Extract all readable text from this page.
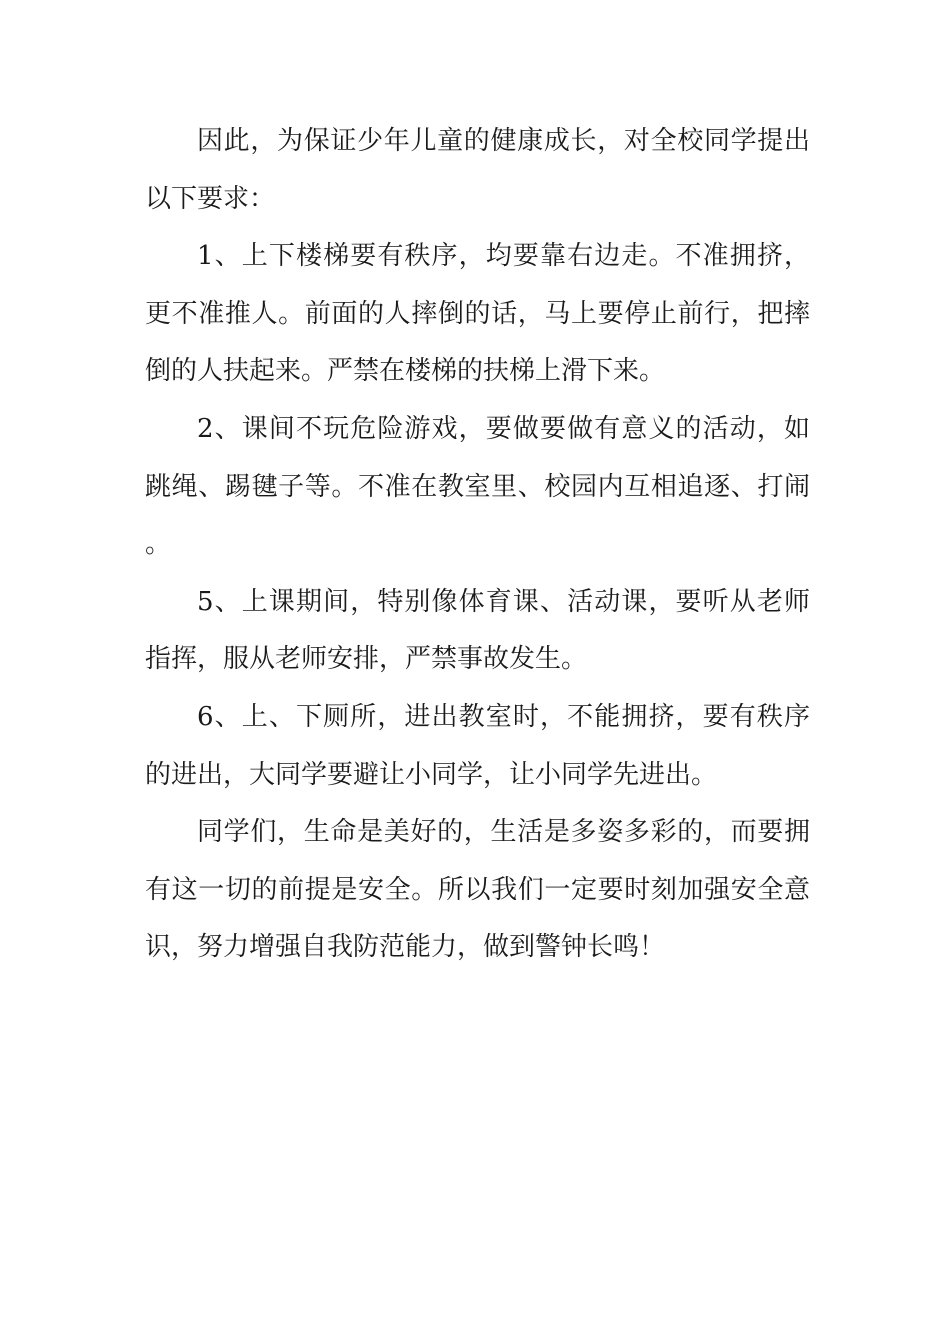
因此，为保证少年儿童的健康成长，对全校同学提出以下要求：

1、上下楼梯要有秩序，均要靠右边走。不准拥挤，更不准推人。前面的人摔倒的话，马上要停止前行，把摔倒的人扶起来。严禁在楼梯的扶梯上滑下来。

2、课间不玩危险游戏，要做要做有意义的活动，如跳绳、踢毽子等。不准在教室里、校园内互相追逐、打闹。

5、上课期间，特别像体育课、活动课，要听从老师指挥，服从老师安排，严禁事故发生。

6、上、下厕所，进出教室时，不能拥挤，要有秩序的进出，大同学要避让小同学，让小同学先进出。

同学们，生命是美好的，生活是多姿多彩的，而要拥有这一切的前提是安全。所以我们一定要时刻加强安全意识，努力增强自我防范能力，做到警钟长鸣！
